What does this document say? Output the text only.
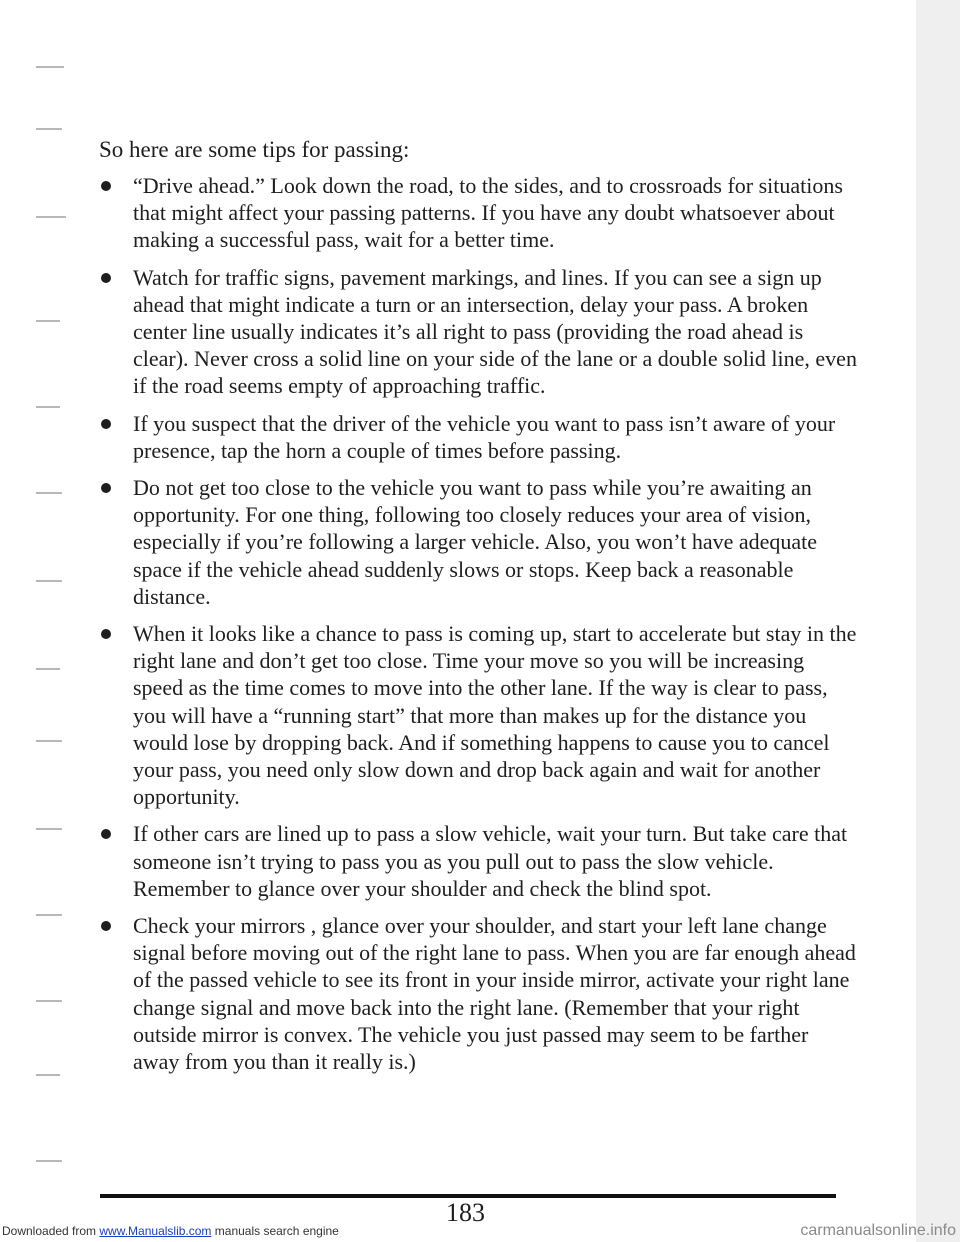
So here are some tips for passing:

“Drive ahead.” Look down the road, to the sides, and to crossroads for situations that might affect your passing patterns. If you have any doubt whatsoever about making a successful pass, wait for a better time.
Watch for traffic signs, pavement markings, and lines. If you can see a sign up ahead that might indicate a turn or an intersection, delay your pass. A broken center line usually indicates it’s all right to pass (providing the road ahead is clear). Never cross a solid line on your side of the lane or a double solid line, even if the road seems empty of approaching traffic.
If you suspect that the driver of the vehicle you want to pass isn’t aware of your presence, tap the horn a couple of times before passing.
Do not get too close to the vehicle you want to pass while you’re awaiting an opportunity. For one thing, following too closely reduces your area of vision, especially if you’re following a larger vehicle. Also, you won’t have adequate space if the vehicle ahead suddenly slows or stops. Keep back a reasonable distance.
When it looks like a chance to pass is coming up, start to accelerate but stay in the right lane and don’t get too close. Time your move so you will be increasing speed as the time comes to move into the other lane. If the way is clear to pass, you will have a “running start” that more than makes up for the distance you would lose by dropping back. And if something happens to cause you to cancel your pass, you need only slow down and drop back again and wait for another opportunity.
If other cars are lined up to pass a slow vehicle, wait your turn. But take care that someone isn’t trying to pass you as you pull out to pass the slow vehicle. Remember to glance over your shoulder and check the blind spot.
Check your mirrors , glance over your shoulder, and start your left lane change signal before moving out of the right lane to pass. When you are far enough ahead of the passed vehicle to see its front in your inside mirror, activate your right lane change signal and move back into the right lane. (Remember that your right outside mirror is convex. The vehicle you just passed may seem to be farther away from you than it really is.)
183
Downloaded from www.Manualslib.com manuals search engine	carmanualsonline.info
